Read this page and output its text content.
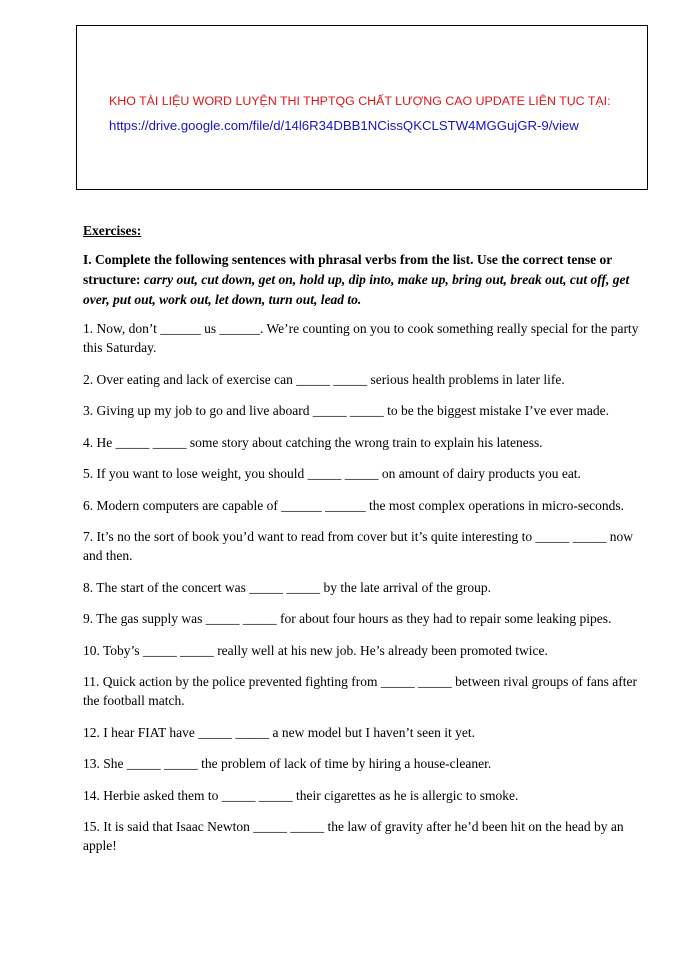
KHO TÀI LIỆU WORD LUYỆN THI THPTQG CHẤT LƯỢNG CAO UPDATE LIÊN TỤC TẠI:
https://drive.google.com/file/d/14l6R34DBB1NCissQKCLSTW4MGGujGR-9/view
Exercises:
I. Complete the following sentences with phrasal verbs from the list. Use the correct tense or structure: carry out, cut down, get on, hold up, dip into, make up, bring out, break out, cut off, get over, put out, work out, let down, turn out, lead to.
1. Now, don’t ______ us ______. We’re counting on you to cook something really special for the party this Saturday.
2. Over eating and lack of exercise can _____ _____ serious health problems in later life.
3. Giving up my job to go and live aboard _____ _____ to be the biggest mistake I’ve ever made.
4. He _____ _____ some story about catching the wrong train to explain his lateness.
5. If you want to lose weight, you should _____ _____ on amount of dairy products you eat.
6. Modern computers are capable of ______ ______ the most complex operations in micro-seconds.
7. It’s no the sort of book you’d want to read from cover but it’s quite interesting to _____ _____ now and then.
8. The start of the concert was _____ _____ by the late arrival of the group.
9. The gas supply was _____ _____ for about four hours as they had to repair some leaking pipes.
10. Toby’s _____ _____ really well at his new job. He’s already been promoted twice.
11. Quick action by the police prevented fighting from _____ _____ between rival groups of fans after the football match.
12. I hear FIAT have _____ _____ a new model but I haven’t seen it yet.
13. She _____ _____ the problem of lack of time by hiring a house-cleaner.
14. Herbie asked them to _____ _____ their cigarettes as he is allergic to smoke.
15. It is said that Isaac Newton _____ _____ the law of gravity after he’d been hit on the head by an apple!
